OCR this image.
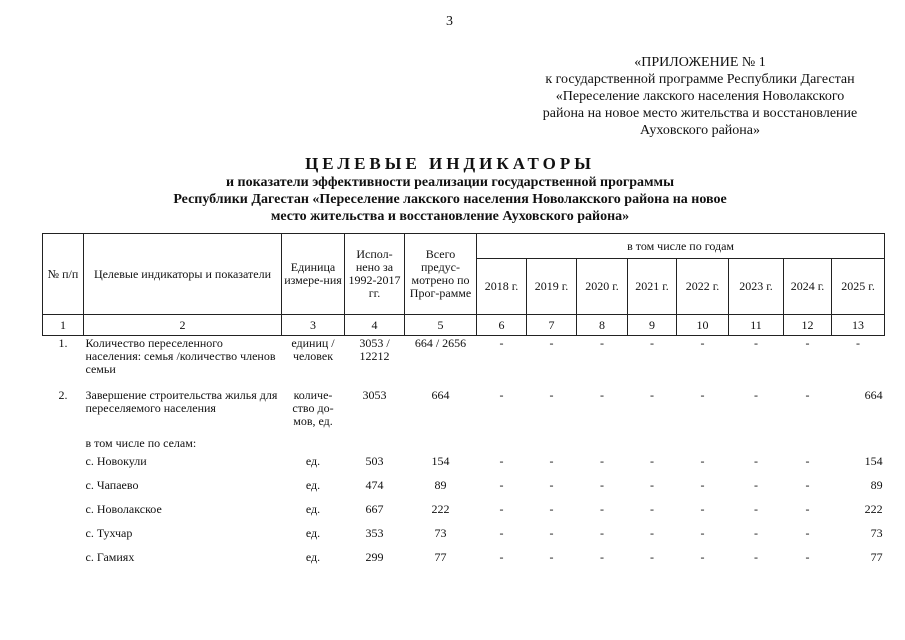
3
«ПРИЛОЖЕНИЕ № 1
к государственной программе Республики Дагестан
«Переселение лакского населения Новолакского
района на новое место жительства и восстановление
Ауховского района»
ЦЕЛЕВЫЕ ИНДИКАТОРЫ
и показатели эффективности реализации государственной программы
Республики Дагестан «Переселение лакского населения Новолакского района на новое
место жительства и восстановление Ауховского района»
№ п/п	Целевые индикаторы и показатели	Единица измере-ния	Испол-нено за 1992-2017 гг.	Всего предус-мотрено по Прог-рамме	в том числе по годам							
					2018 г.	2019 г.	2020 г.	2021 г.	2022 г.	2023 г.	2024 г.	2025 г.
1	2	3	4	5	6	7	8	9	10	11	12	13
1.	Количество переселенного населения: семья /количество членов семьи	единиц / человек	3053 / 12212	664 / 2656	-	-	-	-	-	-	-	-
2.	Завершение строительства жилья для переселяемого населения	количе-ство до-мов, ед.	3053	664	-	-	-	-	-	-	-	664
	в том числе по селам:											
	с. Новокули	ед.	503	154	-	-	-	-	-	-	-	154
	с. Чапаево	ед.	474	89	-	-	-	-	-	-	-	89
	с. Новолакское	ед.	667	222	-	-	-	-	-	-	-	222
	с. Тухчар	ед.	353	73	-	-	-	-	-	-	-	73
	с. Гамиях	ед.	299	77	-	-	-	-	-	-	-	77
